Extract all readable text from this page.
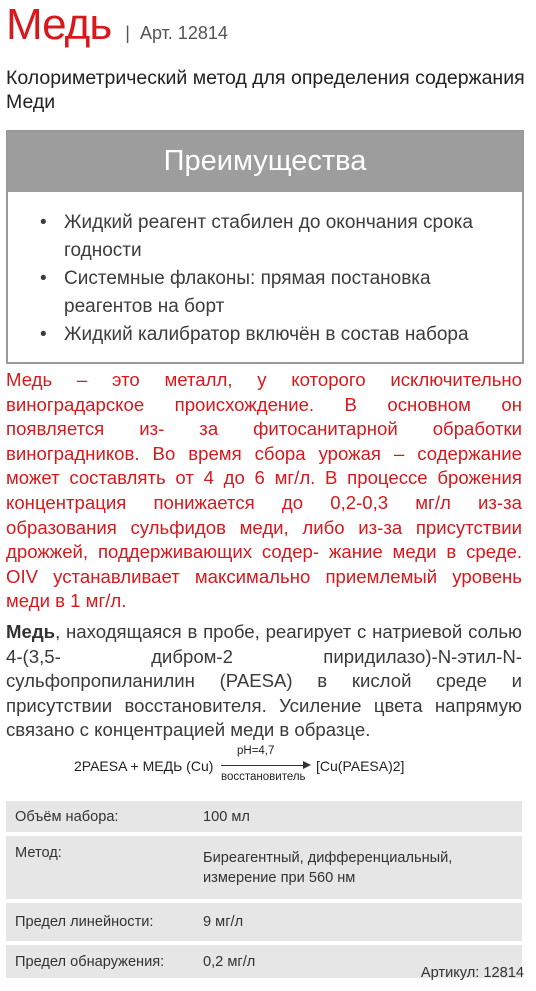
Медь | Арт. 12814
Колориметрический метод для определения содержания Меди
Преимущества
• Жидкий реагент стабилен до окончания срока годности
• Системные флаконы: прямая постановка реагентов на борт
• Жидкий калибратор включён в состав набора
Медь – это металл, у которого исключительно виноградарское происхождение. В основном он появляется из- за фитосанитарной обработки виноградников. Во время сбора урожая – содержание может составлять от 4 до 6 мг/л. В процессе брожения концентрация понижается до 0,2-0,3 мг/л из-за образования сульфидов меди, либо из-за присутствии дрожжей, поддерживающих содер- жание меди в среде. OIV устанавливает максимально приемлемый уровень меди в 1 мг/л.
Медь, находящаяся в пробе, реагирует с натриевой солью 4-(3,5- дибром-2 пиридилазо)-N-этил-N-сульфопропиланилин (PAESA) в кислой среде и присутствии восстановителя. Усиление цвета напрямую связано с концентрацией меди в образце.
2PAESA + МЕДЬ (Cu)
pH=4,7
восстановитель
[Cu(PAESA)2]
Объём набора:	100 мл

Метод:	Биреагентный, дифференциальный, измерение при 560 нм

Предел линейности:	9 мг/л

Предел обнаружения:	0,2 мг/л
Артикул: 12814
